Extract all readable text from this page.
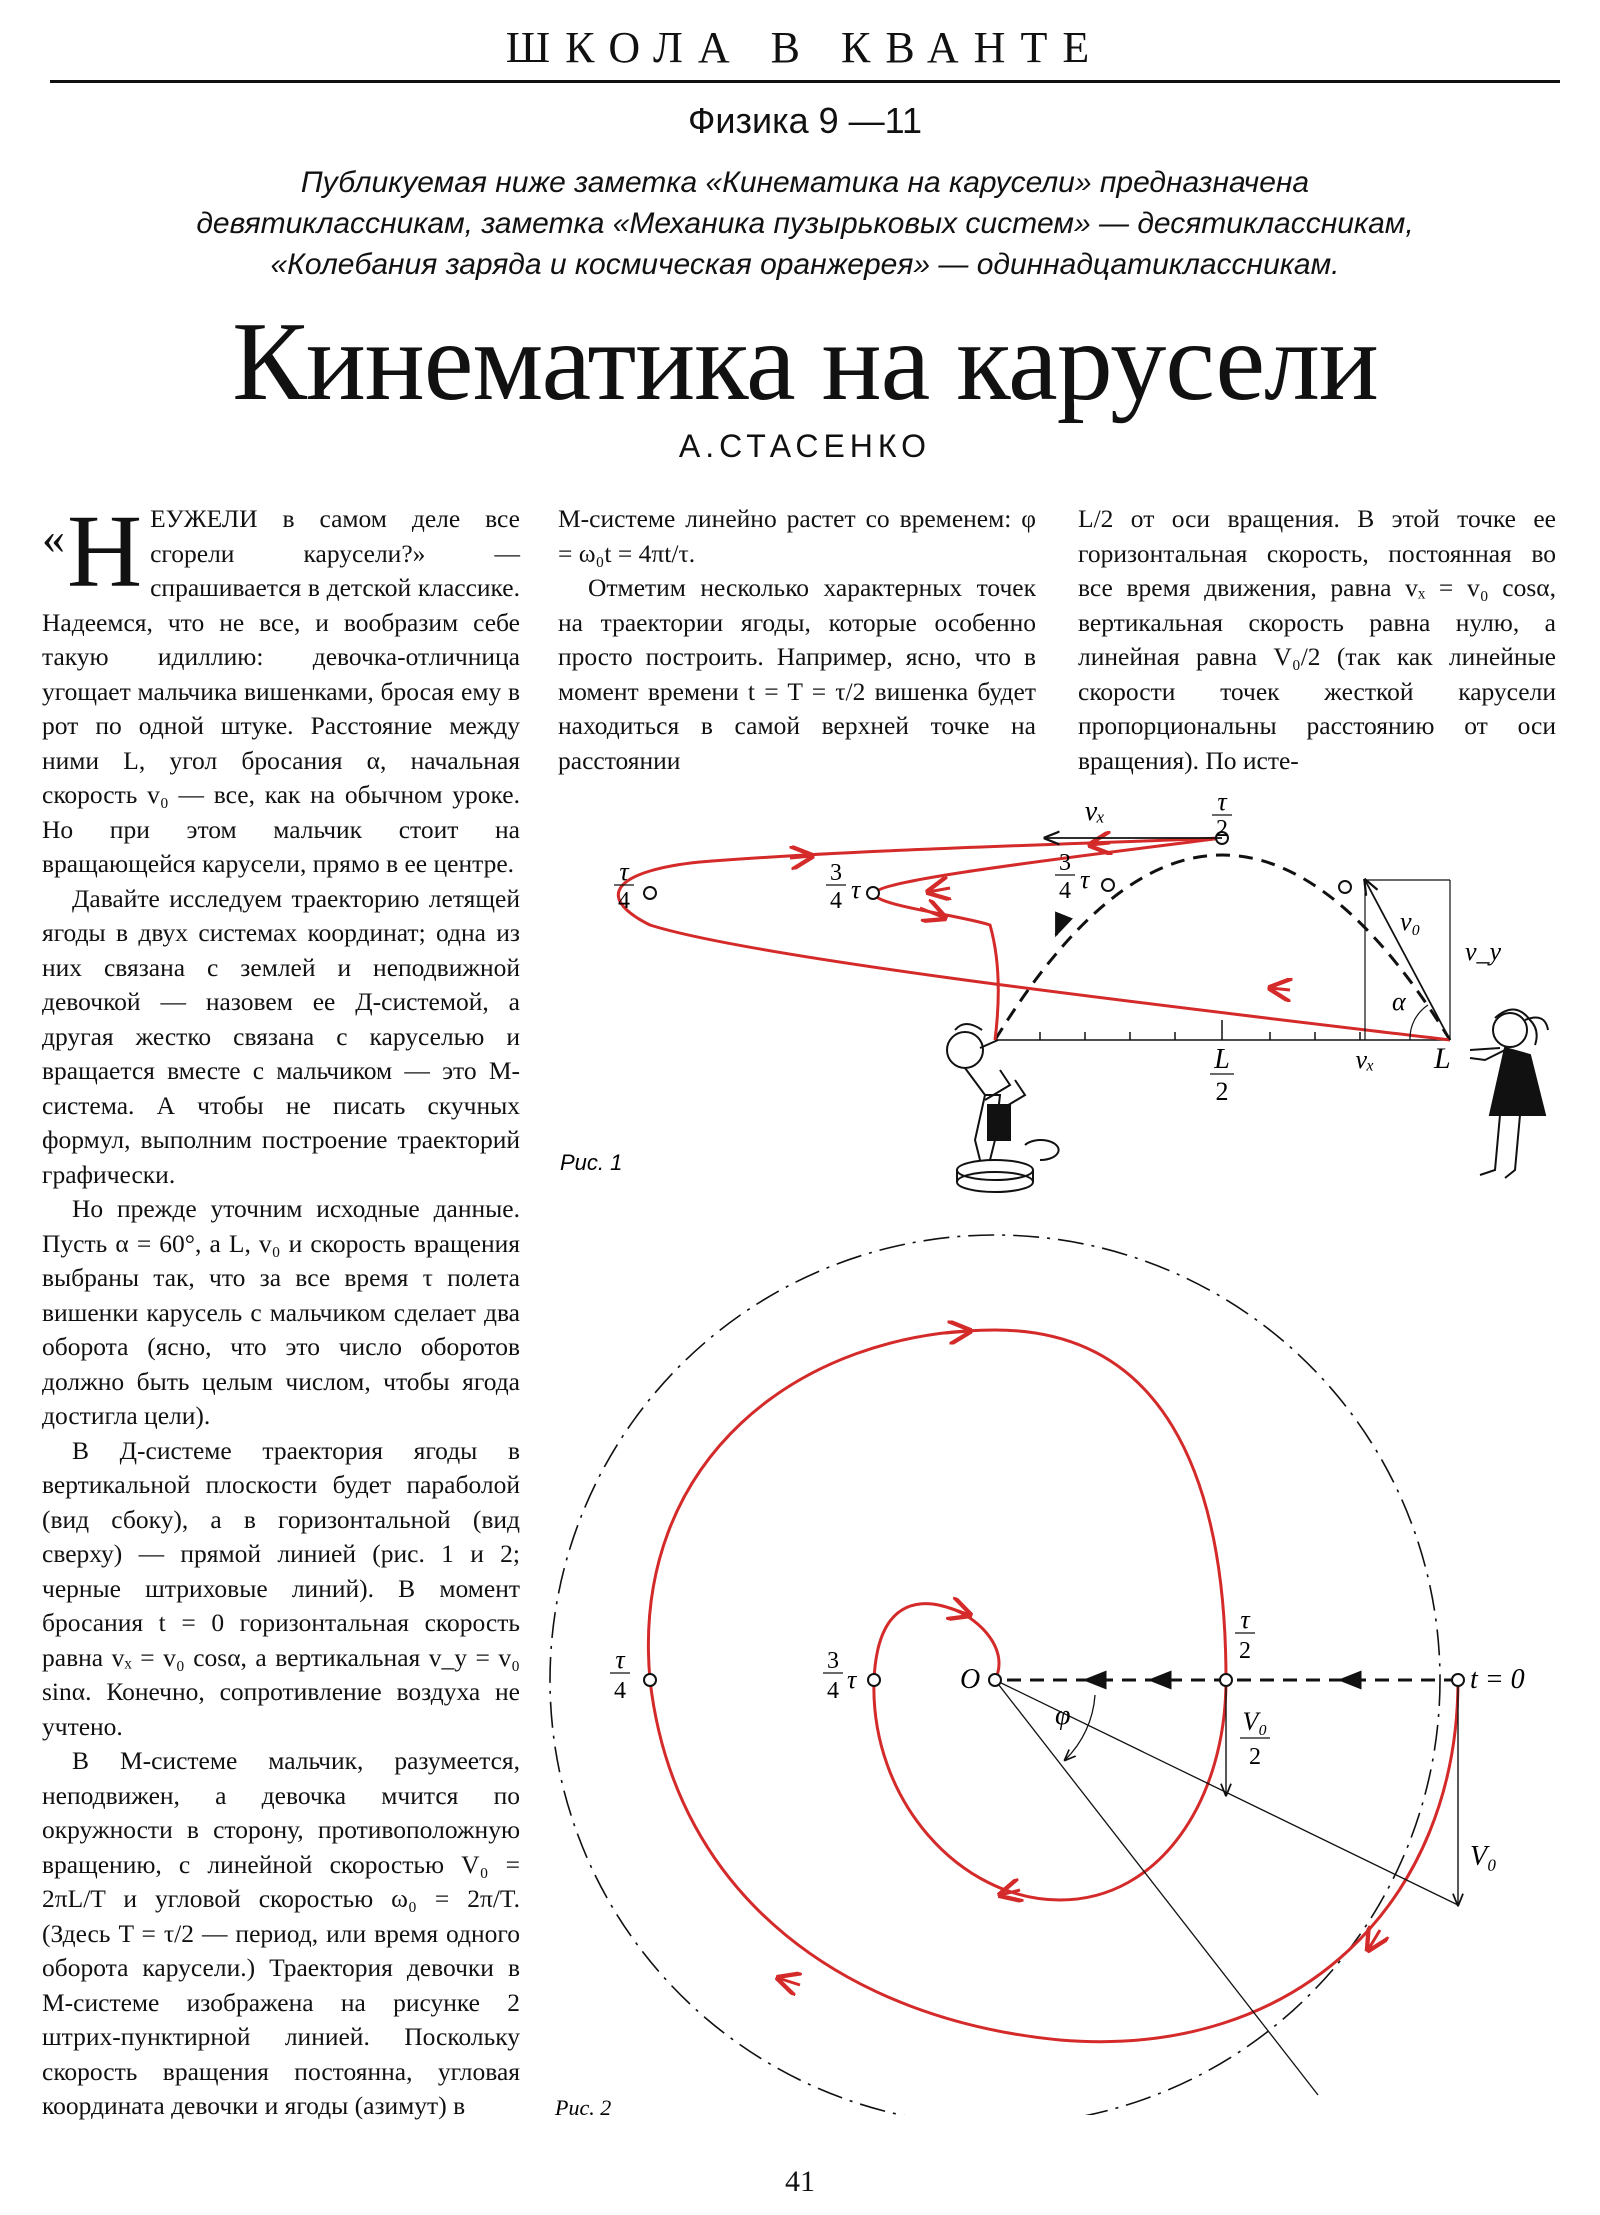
ШКОЛА В КВАНТЕ
Физика 9 —11
Публикуемая ниже заметка «Кинематика на карусели» предназначена
девятиклассникам, заметка «Механика пузырьковых систем» — десятиклассникам,
«Колебания заряда и космическая оранжерея» — одиннадцатиклассникам.
Кинематика на карусели
А.СТАСЕНКО

« Н ЕУЖЕЛИ в самом деле все сгорели карусели?» — спрашивается в детской классике. Надеемся, что не все, и вообразим себе такую идиллию: девочка-отличница угощает мальчика вишенками, бросая ему в рот по одной штуке. Расстояние между ними L, угол бросания α, начальная скорость v₀ — все, как на обычном уроке. Но при этом мальчик стоит на вращающейся карусели, прямо в ее центре.

Давайте исследуем траекторию летящей ягоды в двух системах координат; одна из них связана с землей и неподвижной девочкой — назовем ее Д-системой, а другая жестко связана с каруселью и вращается вместе с мальчиком — это М-система. А чтобы не писать скучных формул, выполним построение траекторий графически.

Но прежде уточним исходные данные. Пусть α = 60°, а L, v₀ и скорость вращения выбраны так, что за все время τ полета вишенки карусель с мальчиком сделает два оборота (ясно, что это число оборотов должно быть целым числом, чтобы ягода достигла цели).

В Д-системе траектория ягоды в вертикальной плоскости будет параболой (вид сбоку), а в горизонтальной (вид сверху) — прямой линией (рис. 1 и 2; черные штриховые линий). В момент бросания t = 0 горизонтальная скорость равна vₓ = v₀ cosα, а вертикальная v_y = v₀ sinα. Конечно, сопротивление воздуха не учтено.

В М-системе мальчик, разумеется, неподвижен, а девочка мчится по окружности в сторону, противоположную вращению, с линейной скоростью V₀ = 2πL/T и угловой скоростью ω₀ = 2π/T. (Здесь T = τ/2 — период, или время одного оборота карусели.) Траектория девочки в М-системе изображена на рисунке 2 штрих-пунктирной линией. Поскольку скорость вращения постоянна, угловая координата девочки и ягоды (азимут) в

М-системе линейно растет со временем: φ = ω₀t = 4πt/τ.

Отметим несколько характерных точек на траектории ягоды, которые особенно просто построить. Например, ясно, что в момент времени t = T = τ/2 вишенка будет находиться в самой верхней точке на расстоянии

L/2 от оси вращения. В этой точке ее горизонтальная скорость, постоянная во все время движения, равна vₓ = v₀ cosα, вертикальная скорость равна нулю, а линейная равна V₀/2 (так как линейные скорости точек жесткой карусели пропорциональны расстоянию от оси вращения). По исте-

τ
2
τ
4
3
4 τ
3
4 τ
vₓ
v₀
v_y
α
vₓ L
L
2
Рис. 1
τ
4
3
4 τ	O
τ
2
t = 0
φ	V₀
2
V₀
Рис. 2
41
